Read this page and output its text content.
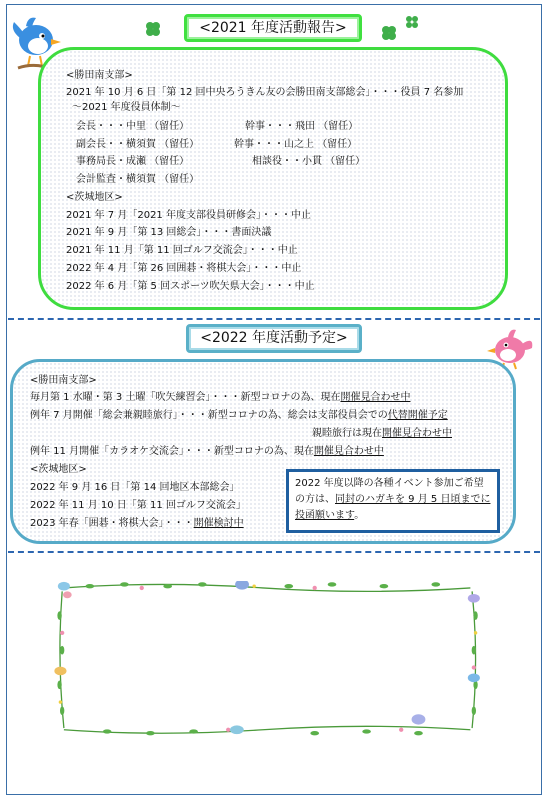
<2021 年度活動報告>
<勝田南支部>
2021 年 10 月 6 日「第 12 回中央ろうきん友の会勝田南支部総会」・・・役員 7 名参加
〜2021 年度役員体制〜
会長・・・中里 （留任）	幹事・・・飛田 （留任）
副会長・・横須賀 （留任）	幹事・・・山之上 （留任）
事務局長・成瀬 （留任）	相談役・・小貫 （留任）
会計監査・横須賀 （留任）
<茨城地区>
2021 年 7 月「2021 年度支部役員研修会」・・・中止
2021 年 9 月「第 13 回総会」・・・書面決議
2021 年 11 月「第 11 回ゴルフ交流会」・・・中止
2022 年 4 月「第 26 回囲碁・将棋大会」・・・中止
2022 年 6 月「第 5 回スポーツ吹矢県大会」・・・中止
<2022 年度活動予定>
<勝田南支部>
毎月第 1 水曜・第 3 土曜「吹矢練習会」・・・新型コロナの為、現在開催見合わせ中
例年 7 月開催「総会兼親睦旅行」・・・新型コロナの為、総会は支部役員会での代替開催予定
親睦旅行は現在開催見合わせ中
例年 11 月開催「カラオケ交流会」・・・新型コロナの為、現在開催見合わせ中
<茨城地区>
2022 年 9 月 16 日「第 14 回地区本部総会」
2022 年 11 月 10 日「第 11 回ゴルフ交流会」
2023 年春「囲碁・将棋大会」・・・開催検討中
2022 年度以降の各種イベント参加ご希望
の方は、同封のハガキを 9 月 5 日頃までに
投函願います。
